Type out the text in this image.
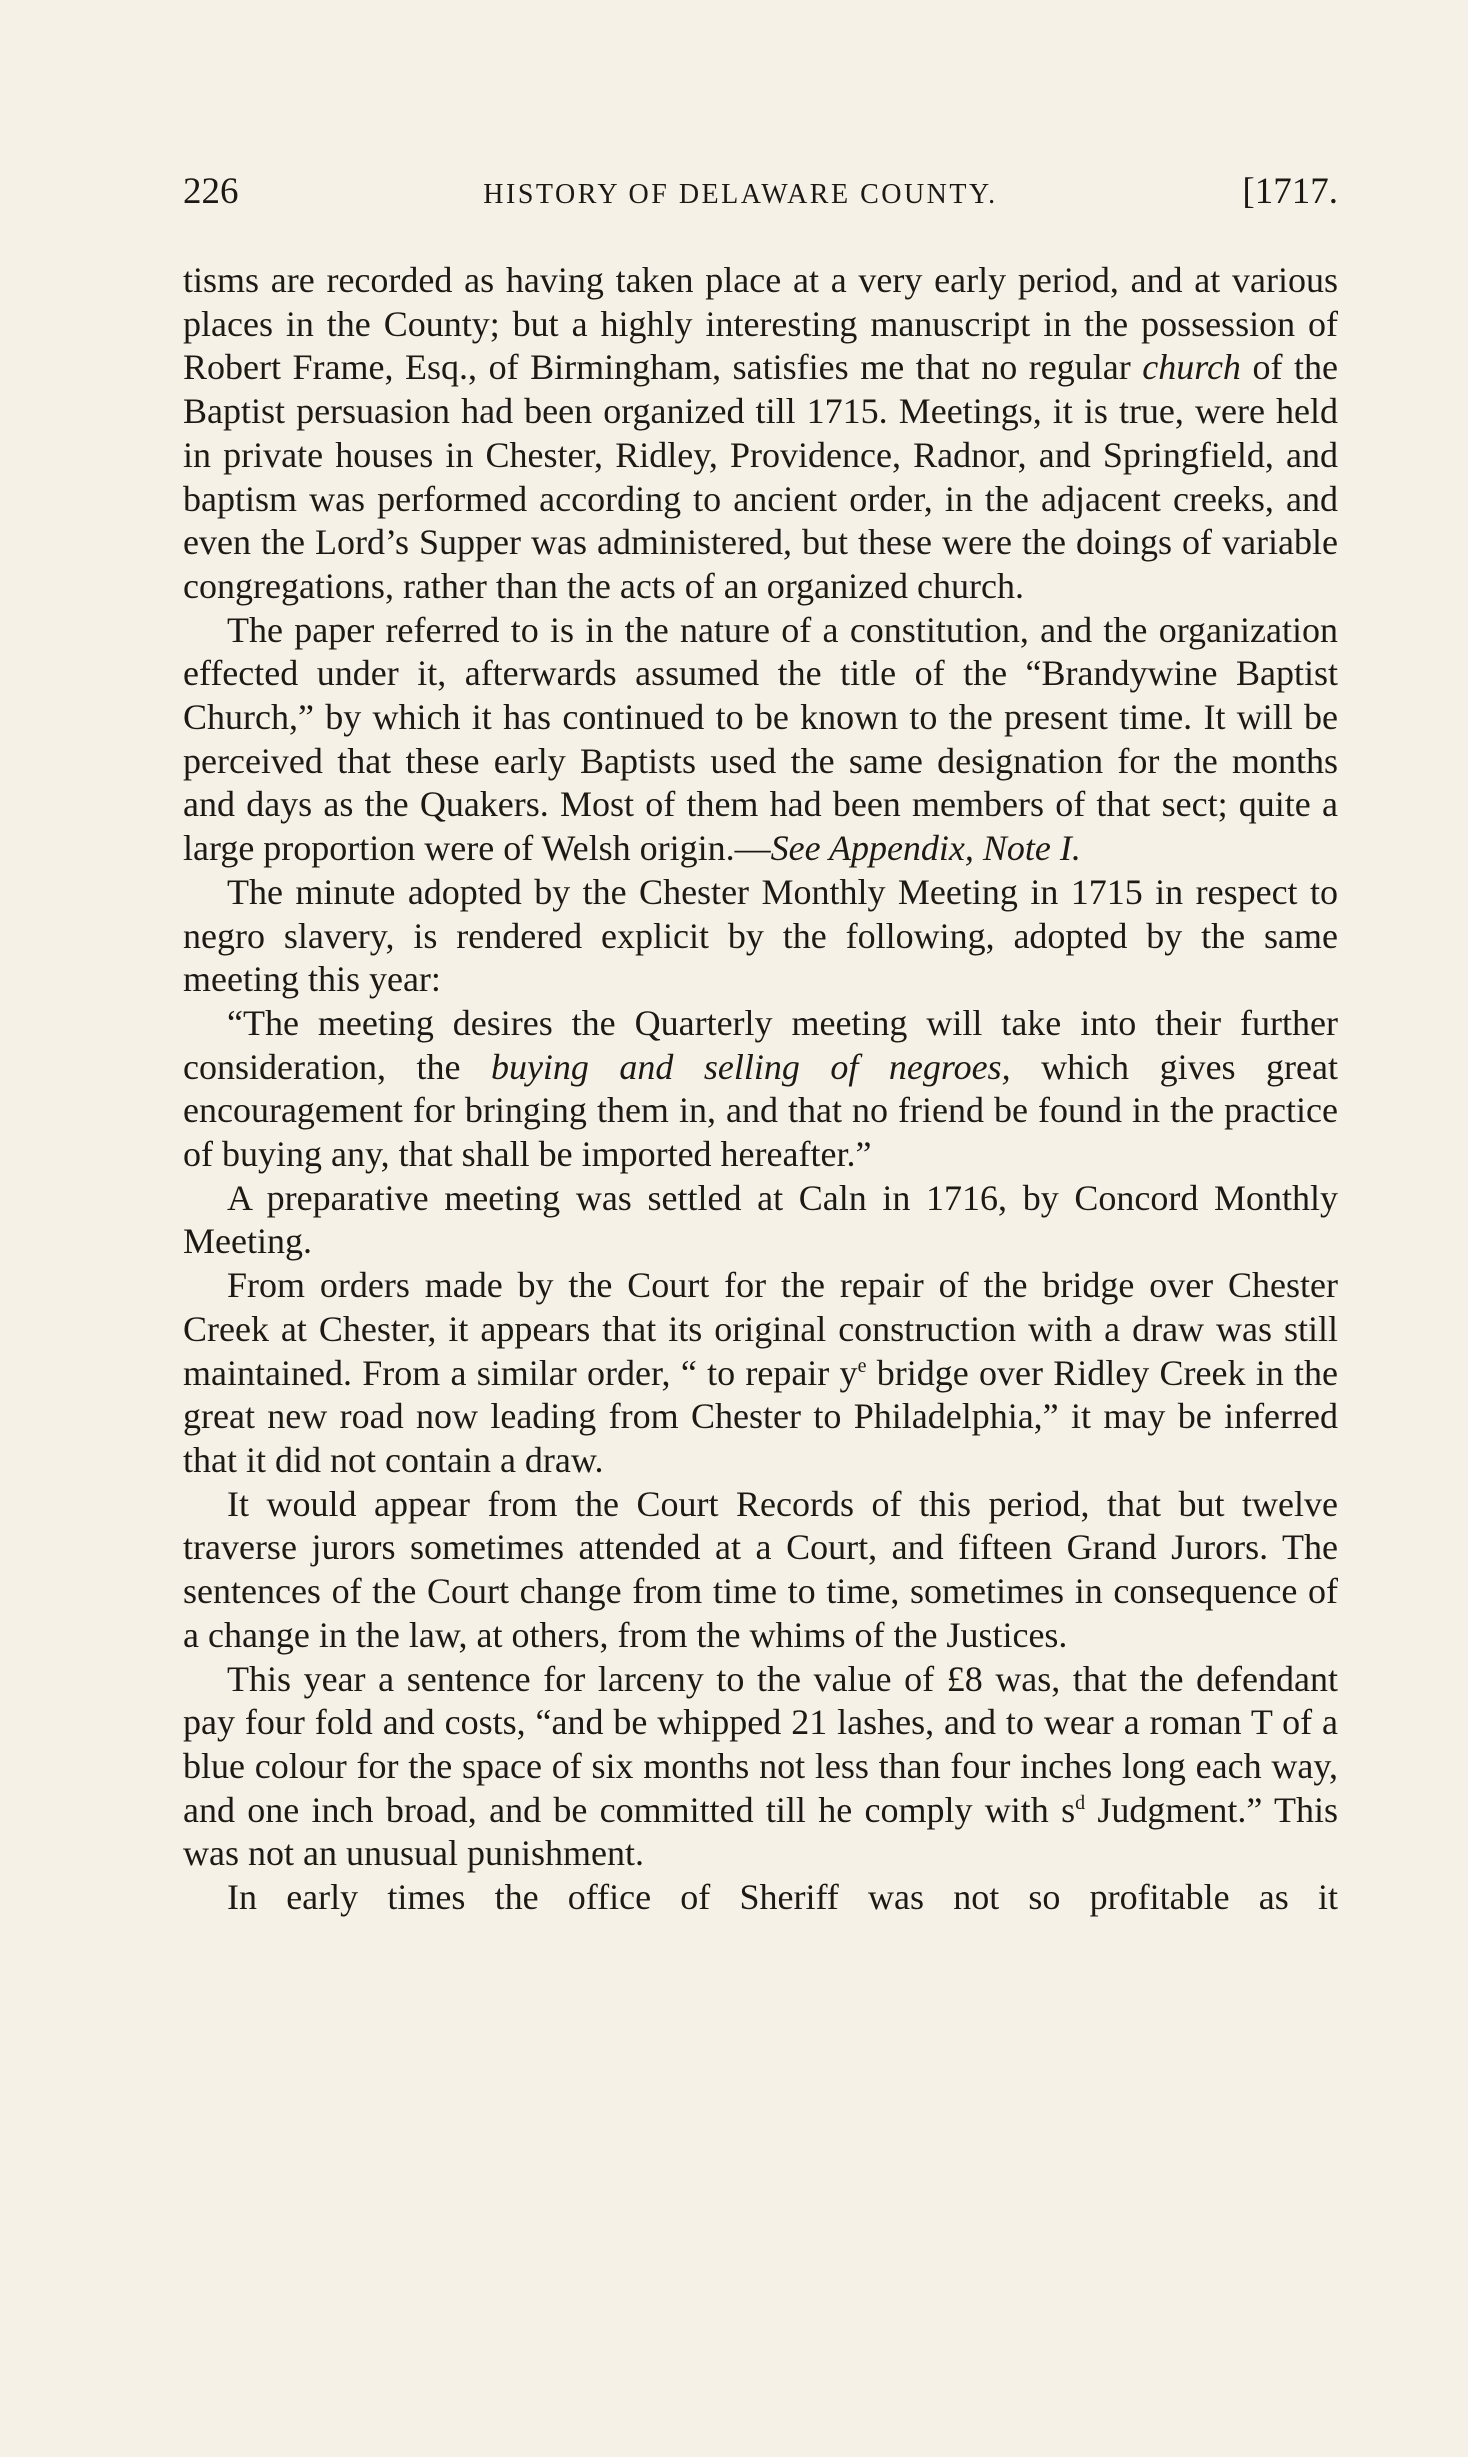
226	HISTORY OF DELAWARE COUNTY.	[1717.

tisms are recorded as having taken place at a very early period, and at various places in the County; but a highly interesting manuscript in the possession of Robert Frame, Esq., of Birmingham, satisfies me that no regular church of the Baptist persuasion had been organized till 1715. Meetings, it is true, were held in private houses in Chester, Ridley, Providence, Radnor, and Springfield, and baptism was performed according to ancient order, in the adjacent creeks, and even the Lord’s Supper was administered, but these were the doings of variable congregations, rather than the acts of an organized church.

The paper referred to is in the nature of a constitution, and the organization effected under it, afterwards assumed the title of the “Brandywine Baptist Church,” by which it has continued to be known to the present time. It will be perceived that these early Baptists used the same designation for the months and days as the Quakers. Most of them had been members of that sect; quite a large proportion were of Welsh origin.—See Appendix, Note I.

The minute adopted by the Chester Monthly Meeting in 1715 in respect to negro slavery, is rendered explicit by the following, adopted by the same meeting this year:

“The meeting desires the Quarterly meeting will take into their further consideration, the buying and selling of negroes, which gives great encouragement for bringing them in, and that no friend be found in the practice of buying any, that shall be imported hereafter.”

A preparative meeting was settled at Caln in 1716, by Concord Monthly Meeting.

From orders made by the Court for the repair of the bridge over Chester Creek at Chester, it appears that its original construction with a draw was still maintained. From a similar order, “ to repair $y^e$ bridge over Ridley Creek in the great new road now leading from Chester to Philadelphia,” it may be inferred that it did not contain a draw.

It would appear from the Court Records of this period, that but twelve traverse jurors sometimes attended at a Court, and fifteen Grand Jurors. The sentences of the Court change from time to time, sometimes in consequence of a change in the law, at others, from the whims of the Justices.

This year a sentence for larceny to the value of £8 was, that the defendant pay four fold and costs, “and be whipped 21 lashes, and to wear a roman T of a blue colour for the space of six months not less than four inches long each way, and one inch broad, and be committed till he comply with $s^d$ Judgment.” This was not an unusual punishment.

In early times the office of Sheriff was not so profitable as it
